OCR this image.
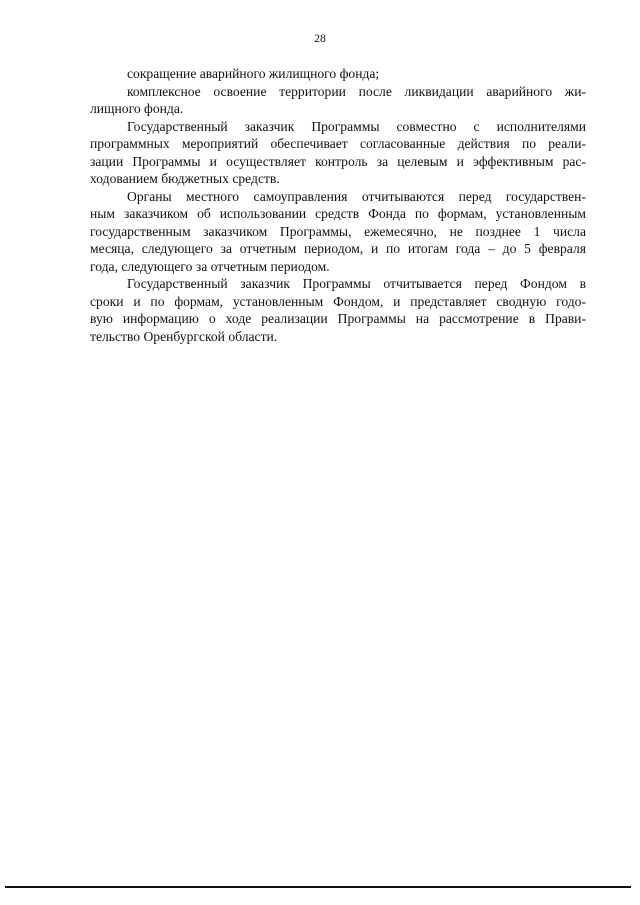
28

сокращение аварийного жилищного фонда;

комплексное освоение территории после ликвидации аварийного жи-
лищного фонда.

Государственный заказчик Программы совместно с исполнителями
программных мероприятий обеспечивает согласованные действия по реали-
зации Программы и осуществляет контроль за целевым и эффективным рас-
ходованием бюджетных средств.

Органы местного самоуправления отчитываются перед государствен-
ным заказчиком об использовании средств Фонда по формам, установленным
государственным заказчиком Программы, ежемесячно, не позднее 1 числа
месяца, следующего за отчетным периодом, и по итогам года – до 5 февраля
года, следующего за отчетным периодом.

Государственный заказчик Программы отчитывается перед Фондом в
сроки и по формам, установленным Фондом, и представляет сводную годо-
вую информацию о ходе реализации Программы на рассмотрение в Прави-
тельство Оренбургской области.
